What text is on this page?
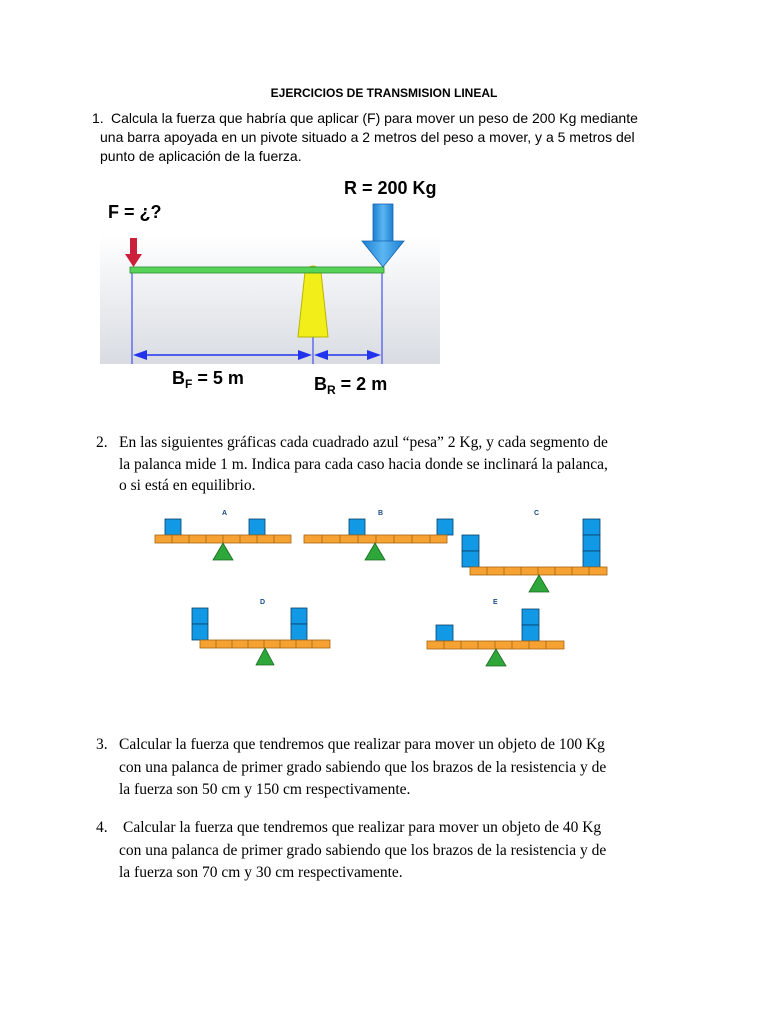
EJERCICIOS DE TRANSMISION LINEAL
1. Calcula la fuerza que habría que aplicar (F) para mover un peso de 200 Kg mediante
una barra apoyada en un pivote situado a 2 metros del peso a mover, y a 5 metros del
punto de aplicación de la fuerza.
F = ¿?
R = 200 Kg
$B_F = 5$ m	$B_R = 2$ m
2. En las siguientes gráficas cada cuadrado azul “pesa” 2 Kg, y cada segmento de
la palanca mide 1 m. Indica para cada caso hacia donde se inclinará la palanca,
o si está en equilibrio.
A	B	C
D	E
3. Calcular la fuerza que tendremos que realizar para mover un objeto de 100 Kg
con una palanca de primer grado sabiendo que los brazos de la resistencia y de
la fuerza son 50 cm y 150 cm respectivamente.
4. Calcular la fuerza que tendremos que realizar para mover un objeto de 40 Kg
con una palanca de primer grado sabiendo que los brazos de la resistencia y de
la fuerza son 70 cm y 30 cm respectivamente.
